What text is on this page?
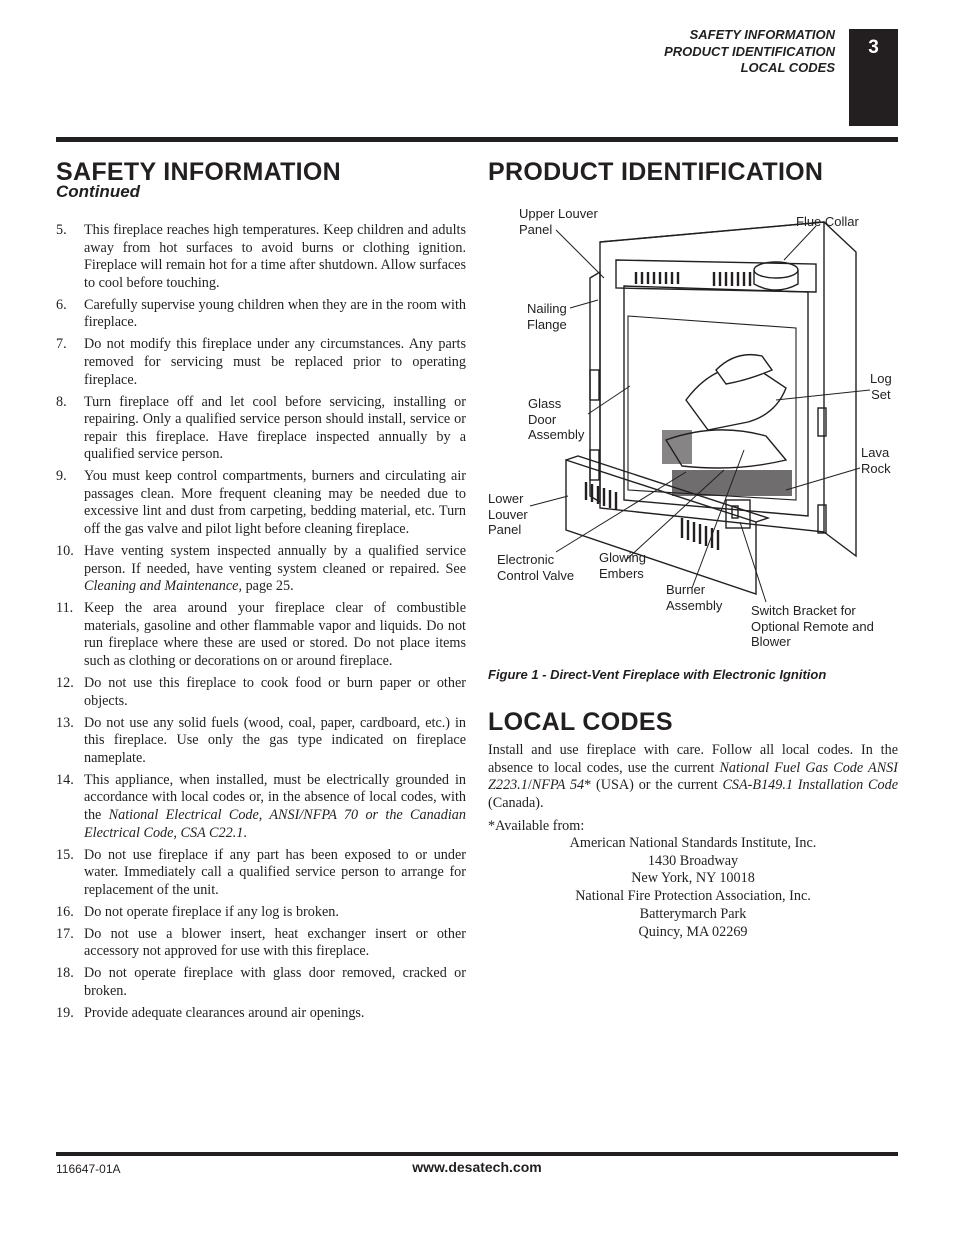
SAFETY INFORMATION
PRODUCT IDENTIFICATION
LOCAL CODES
3
SAFETY INFORMATION
Continued
5. This fireplace reaches high temperatures. Keep children and adults away from hot surfaces to avoid burns or clothing ignition. Fireplace will remain hot for a time after shutdown. Allow surfaces to cool before touching.
6. Carefully supervise young children when they are in the room with fireplace.
7. Do not modify this fireplace under any circumstances. Any parts removed for servicing must be replaced prior to operating fireplace.
8. Turn fireplace off and let cool before servicing, installing or repairing. Only a qualified service person should install, service or repair this fireplace. Have fireplace inspected annually by a qualified service person.
9. You must keep control compartments, burners and circulating air passages clean. More frequent cleaning may be needed due to excessive lint and dust from carpeting, bedding material, etc. Turn off the gas valve and pilot light before cleaning fireplace.
10. Have venting system inspected annually by a qualified service person. If needed, have venting system cleaned or repaired. See Cleaning and Maintenance, page 25.
11. Keep the area around your fireplace clear of combustible materials, gasoline and other flammable vapor and liquids. Do not run fireplace where these are used or stored. Do not place items such as clothing or decorations on or around fireplace.
12. Do not use this fireplace to cook food or burn paper or other objects.
13. Do not use any solid fuels (wood, coal, paper, cardboard, etc.) in this fireplace. Use only the gas type indicated on fireplace nameplate.
14. This appliance, when installed, must be electrically grounded in accordance with local codes or, in the absence of local codes, with the National Electrical Code, ANSI/NFPA 70 or the Canadian Electrical Code, CSA C22.1.
15. Do not use fireplace if any part has been exposed to or under water. Immediately call a qualified service person to arrange for replacement of the unit.
16. Do not operate fireplace if any log is broken.
17. Do not use a blower insert, heat exchanger insert or other accessory not approved for use with this fireplace.
18. Do not operate fireplace with glass door removed, cracked or broken.
19. Provide adequate clearances around air openings.
PRODUCT IDENTIFICATION
Upper Louver
Panel	Flue Collar
Nailing
Flange
Log
Set
Glass
Door
Assembly
Lava
Rock
Lower
Louver
Panel
Electronic
Control Valve
Glowing
Embers
Burner
Assembly Switch Bracket for
Optional Remote and
Blower
Figure 1 - Direct-Vent Fireplace with Electronic Ignition
LOCAL CODES

Install and use fireplace with care. Follow all local codes. In the absence to local codes, use the current National Fuel Gas Code ANSI Z223.1/NFPA 54* (USA) or the current CSA-B149.1 Installation Code (Canada).

*Available from:
American National Standards Institute, Inc.
1430 Broadway
New York, NY 10018
National Fire Protection Association, Inc.
Batterymarch Park
Quincy, MA 02269
116647-01A	www.desatech.com
